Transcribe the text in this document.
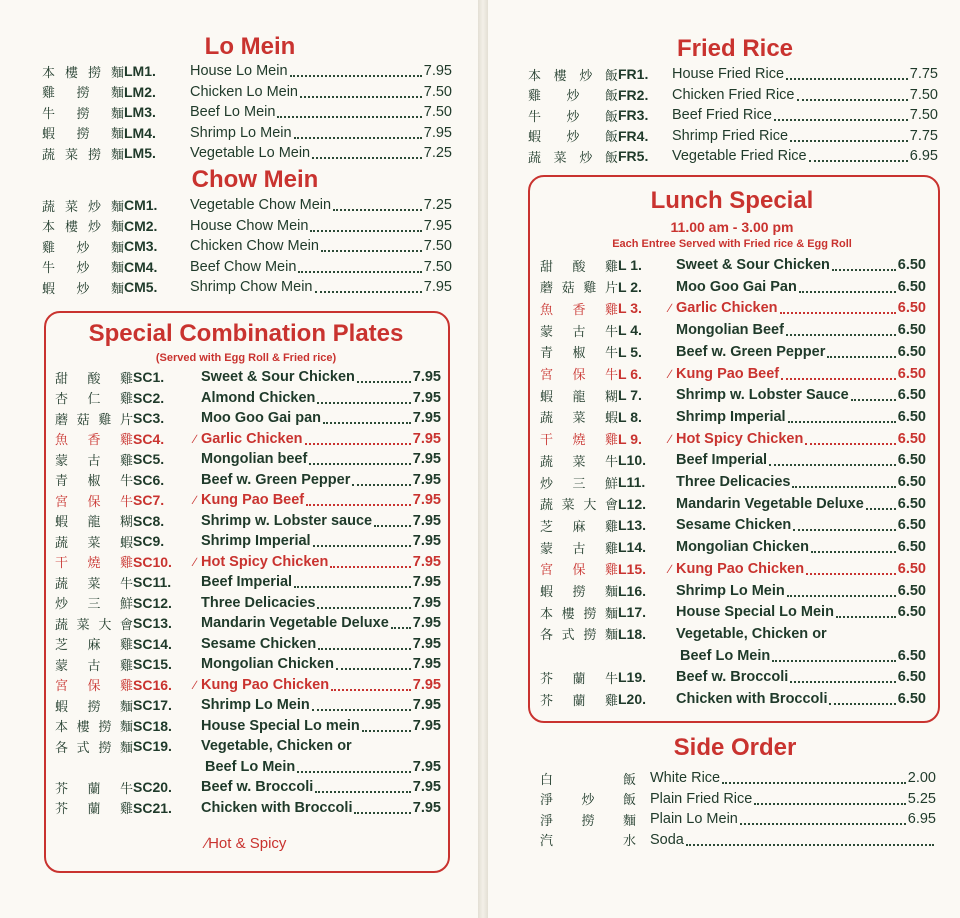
Lo Mein
本 樓 撈 麵 LM1.	House Lo Mein	7.95
雞 撈 麵 LM2.	Chicken Lo Mein	7.50
牛 撈 麵 LM3.	Beef Lo Mein	7.50
蝦 撈 麵 LM4.	Shrimp Lo Mein	7.95
蔬 菜 撈 麵 LM5.	Vegetable Lo Mein	7.25
Chow Mein
蔬 菜 炒 麵 CM1.	Vegetable Chow Mein	7.25
本 樓 炒 麵 CM2.	House Chow Mein	7.95
雞 炒 麵 CM3.	Chicken Chow Mein	7.50
牛 炒 麵 CM4.	Beef Chow Mein	7.50
蝦 炒 麵 CM5.	Shrimp Chow Mein	7.95
Special Combination Plates
(Served with Egg Roll & Fried rice)
甜 酸 雞 SC1.	Sweet & Sour Chicken	7.95
杏 仁 雞 SC2.	Almond Chicken	7.95
蘑 菇 雞 片 SC3.	Moo Goo Gai pan	7.95
魚 香 雞 SC4.	∕ Garlic Chicken	7.95
蒙 古 雞 SC5.	Mongolian beef	7.95
青 椒 牛 SC6.	Beef w. Green Pepper	7.95
宮 保 牛 SC7.	∕ Kung Pao Beef	7.95
蝦 龍 糊 SC8.	Shrimp w. Lobster sauce	7.95
蔬 菜 蝦 SC9.	Shrimp Imperial	7.95
干 燒 雞 SC10.	∕ Hot Spicy Chicken	7.95
蔬 菜 牛 SC11.	Beef Imperial	7.95
炒 三 鮮 SC12.	Three Delicacies	7.95
蔬 菜 大 會 SC13.	Mandarin Vegetable Deluxe 7.95
芝 麻 雞 SC14.	Sesame Chicken	7.95
蒙 古 雞 SC15.	Mongolian Chicken	7.95
宮 保 雞 SC16.	∕ Kung Pao Chicken	7.95
蝦 撈 麵 SC17.	Shrimp Lo Mein	7.95
本 樓 撈 麵 SC18.	House Special Lo mein	7.95
各 式 撈 麵 SC19.	Vegetable, Chicken or
Beef Lo Mein	7.95
芥 蘭 牛 SC20.	Beef w. Broccoli	7.95
芥 蘭 雞 SC21.	Chicken with Broccoli	7.95
∕Hot & Spicy
Fried Rice
本 樓 炒 飯 FR1.	House Fried Rice	7.75
雞 炒 飯 FR2.	Chicken Fried Rice	7.50
牛 炒 飯 FR3.	Beef Fried Rice	7.50
蝦 炒 飯 FR4.	Shrimp Fried Rice	7.75
蔬 菜 炒 飯 FR5.	Vegetable Fried Rice	6.95
Lunch Special
11.00 am - 3.00 pm
Each Entree Served with Fried rice & Egg Roll
甜 酸 雞 L 1.	Sweet & Sour Chicken	6.50
蘑 菇 雞 片 L 2.	Moo Goo Gai Pan	6.50
魚 香 雞 L 3.	∕ Garlic Chicken	6.50
蒙 古 牛 L 4.	Mongolian Beef	6.50
青 椒 牛 L 5.	Beef w. Green Pepper	6.50
宮 保 牛 L 6.	∕ Kung Pao Beef	6.50
蝦 龍 糊 L 7.	Shrimp w. Lobster Sauce	6.50
蔬 菜 蝦 L 8.	Shrimp Imperial	6.50
干 燒 雞 L 9.	∕ Hot Spicy Chicken	6.50
蔬 菜 牛 L10.	Beef Imperial	6.50
炒 三 鮮 L11.	Three Delicacies	6.50
蔬 菜 大 會 L12.	Mandarin Vegetable Deluxe 6.50
芝 麻 雞 L13.	Sesame Chicken	6.50
蒙 古 雞 L14.	Mongolian Chicken	6.50
宮 保 雞 L15.	∕ Kung Pao Chicken	6.50
蝦 撈 麵 L16.	Shrimp Lo Mein	6.50
本 樓 撈 麵 L17.	House Special Lo Mein	6.50
各 式 撈 麵 L18.	Vegetable, Chicken or
Beef Lo Mein	6.50
芥 蘭 牛 L19.	Beef w. Broccoli	6.50
芥 蘭 雞 L20.	Chicken with Broccoli	6.50
Side Order
白	飯 White Rice	2.00
淨 炒 飯 Plain Fried Rice	5.25
淨 撈 麵 Plain Lo Mein	6.95
汽	水 Soda
